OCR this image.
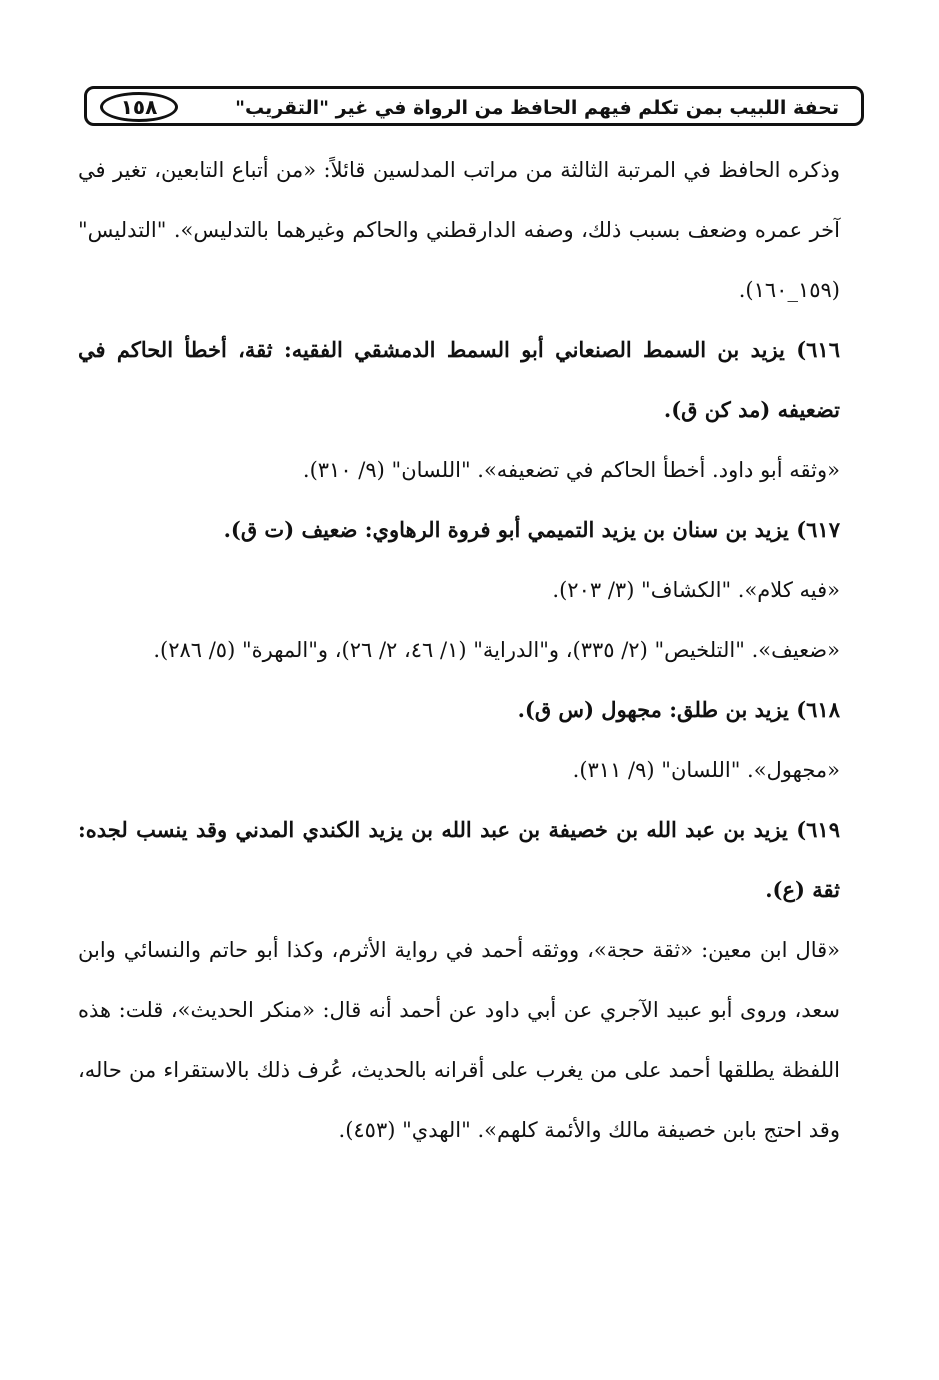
تحفة اللبيب بمن تكلم فيهم الحافظ من الرواة في غير "التقريب"
١٥٨

وذكره الحافظ في المرتبة الثالثة من مراتب المدلسين قائلاً: «من أتباع التابعين، تغير في آخر عمره وضعف بسبب ذلك، وصفه الدارقطني والحاكم وغيرهما بالتدليس». "التدليس" (١٥٩_١٦٠).

٦١٦) يزيد بن السمط الصنعاني أبو السمط الدمشقي الفقيه: ثقة، أخطأ الحاكم في تضعيفه (مد كن ق).

«وثقه أبو داود. أخطأ الحاكم في تضعيفه». "اللسان" (٩/ ٣١٠).

٦١٧) يزيد بن سنان بن يزيد التميمي أبو فروة الرهاوي: ضعيف (ت ق).

«فيه كلام». "الكشاف" (٣/ ٢٠٣).

«ضعيف». "التلخيص" (٢/ ٣٣٥)، و"الدراية" (١/ ٤٦، ٢/ ٢٦)، و"المهرة" (٥/ ٢٨٦).

٦١٨) يزيد بن طلق: مجهول (س ق).

«مجهول». "اللسان" (٩/ ٣١١).

٦١٩) يزيد بن عبد الله بن خصيفة بن عبد الله بن يزيد الكندي المدني وقد ينسب لجده: ثقة (ع).

«قال ابن معين: «ثقة حجة»، ووثقه أحمد في رواية الأثرم، وكذا أبو حاتم والنسائي وابن سعد، وروى أبو عبيد الآجري عن أبي داود عن أحمد أنه قال: «منكر الحديث»، قلت: هذه اللفظة يطلقها أحمد على من يغرب على أقرانه بالحديث، عُرف ذلك بالاستقراء من حاله، وقد احتج بابن خصيفة مالك والأئمة كلهم». "الهدي" (٤٥٣).
